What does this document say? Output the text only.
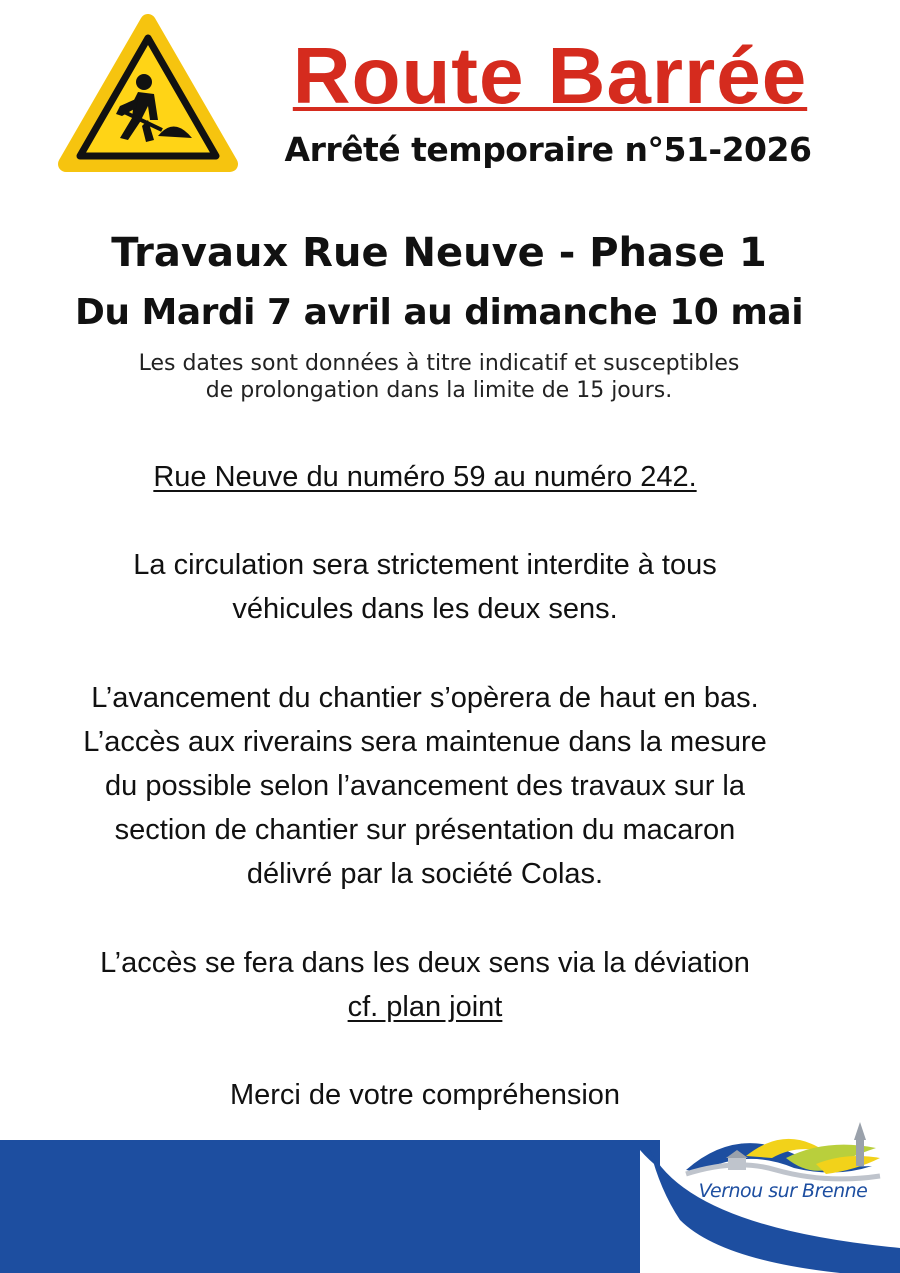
Route Barrée
Arrêté temporaire n°51-2026
Travaux Rue Neuve - Phase 1
Du Mardi 7 avril au dimanche 10 mai
Les dates sont données à titre indicatif et susceptibles
de prolongation dans la limite de 15 jours.
Rue Neuve du numéro 59 au numéro 242.
La circulation sera strictement interdite à tous
véhicules dans les deux sens.
L’avancement du chantier s’opèrera de haut en bas.
L’accès aux riverains sera maintenue dans la mesure
du possible selon l’avancement des travaux sur la
section de chantier sur présentation du macaron
délivré par la société Colas.
L’accès se fera dans les deux sens via la déviation
cf. plan joint
Merci de votre compréhension
Vernou sur Brenne
